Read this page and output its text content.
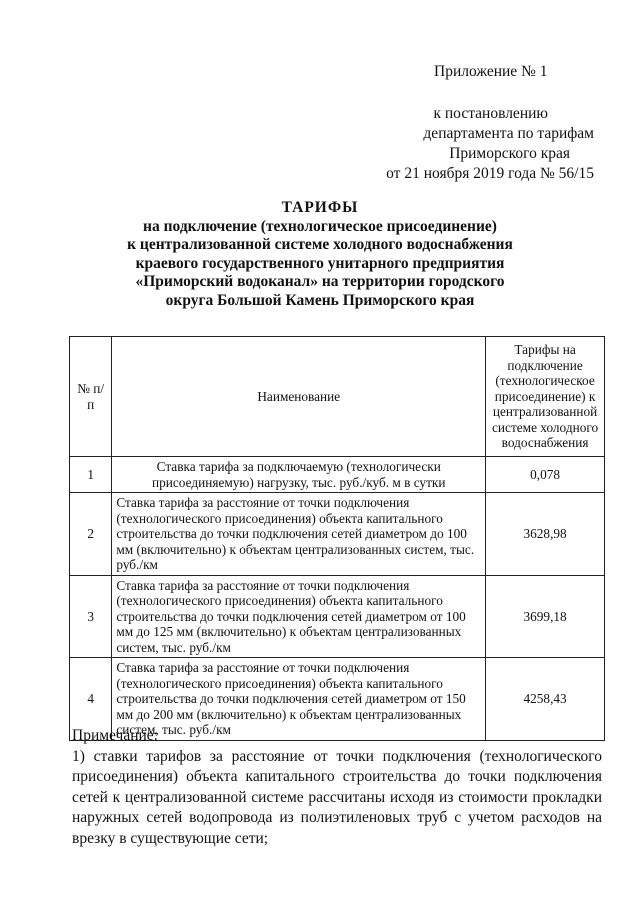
Приложение № 1
к постановлению
департамента по тарифам
Приморского края
от 21 ноября 2019 года № 56/15
ТАРИФЫ
на подключение (технологическое присоединение)
к централизованной системе холодного водоснабжения
краевого государственного унитарного предприятия
«Приморский водоканал» на территории городского
округа Большой Камень Приморского края
№ п/п	Наименование	Тарифы на подключение (технологическое присоединение) к централизованной системе холодного водоснабжения
1	Ставка тарифа за подключаемую (технологически присоединяемую) нагрузку, тыс. руб./куб. м в сутки	0,078
2	Ставка тарифа за расстояние от точки подключения (технологического присоединения) объекта капитального строительства до точки подключения сетей диаметром до 100 мм (включительно) к объектам централизованных систем, тыс. руб./км	3628,98
3	Ставка тарифа за расстояние от точки подключения (технологического присоединения) объекта капитального строительства до точки подключения сетей диаметром от 100 мм до 125 мм (включительно) к объектам централизованных систем, тыс. руб./км	3699,18
4	Ставка тарифа за расстояние от точки подключения (технологического присоединения) объекта капитального строительства до точки подключения сетей диаметром от 150 мм до 200 мм (включительно) к объектам централизованных систем, тыс. руб./км	4258,43
Примечание:
1) ставки тарифов за расстояние от точки подключения (технологического присоединения) объекта капитального строительства до точки подключения сетей к централизованной системе рассчитаны исходя из стоимости прокладки наружных сетей водопровода из полиэтиленовых труб с учетом расходов на врезку в существующие сети;
